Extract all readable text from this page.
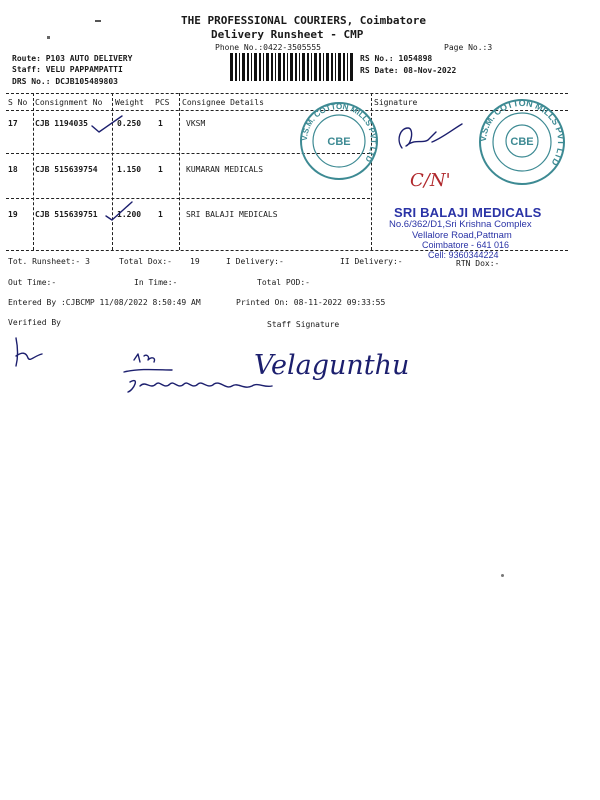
THE PROFESSIONAL COURIERS, Coimbatore
Delivery Runsheet - CMP
Phone No.:0422-3505555	Page No.:3
RS No.: 1054898
RS Date: 08-Nov-2022
Route: P103 AUTO DELIVERY
Staff: VELU PAPPAMPATTI
DRS No.: DCJB105489803
S No Consignment No Weight PCS Consignee Details	Signature
17 CJB 1194035	0.250 1	VKSM
18 CJB 515639754 1.150 1	KUMARAN MEDICALS
19 CJB 515639751 1.200 1	SRI BALAJI MEDICALS
V.S.M. COTTON MILLS PVT LTD
CBE	V.S.M. COTTON MILLS PVT LTD
CBE
C/N'
SRI BALAJI MEDICALS
No.6/362/D1,Sri Krishna Complex
Vellalore Road,Pattnam
Coimbatore - 641 016
Cell: 9360344224
Tot. Runsheet:- 3	Total Dox:- 19	I Delivery:-	II Delivery:-	RTN Dox:-
Out Time:-	In Time:-	Total POD:-
Entered By :CJBCMP 11/08/2022 8:50:49 AM	Printed On: 08-11-2022 09:33:55
Verified By	Staff Signature
Velagunthu
